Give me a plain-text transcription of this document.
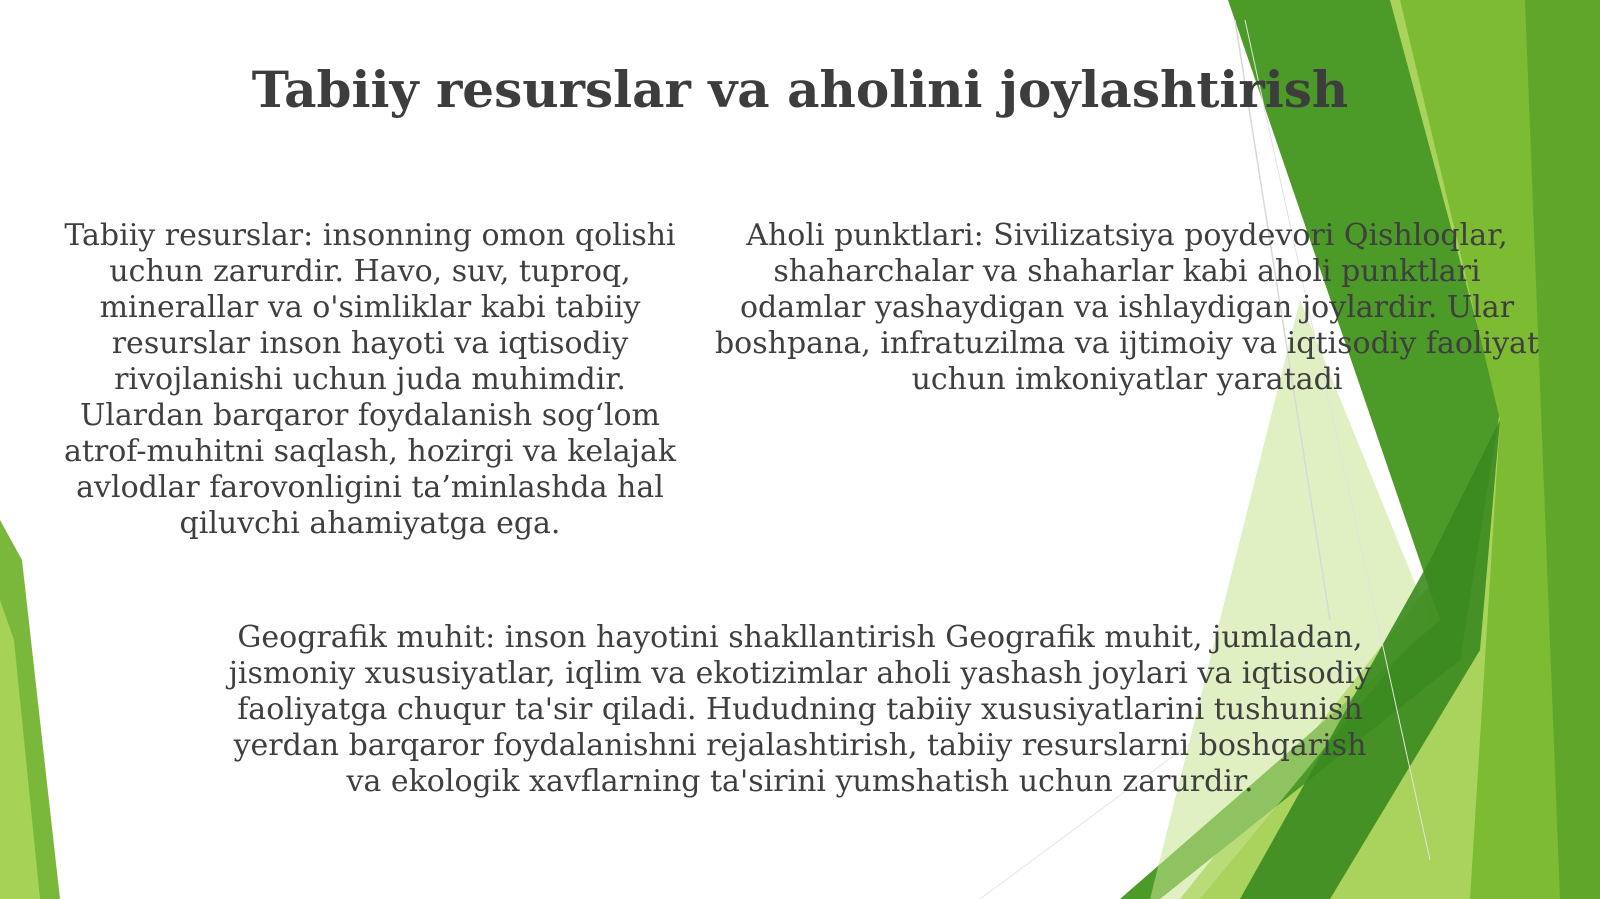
Tabiiy resurslar va aholini joylashtirish

Tabiiy resurslar: insonning omon qolishi uchun zarurdir. Havo, suv, tuproq, minerallar va o'simliklar kabi tabiiy resurslar inson hayoti va iqtisodiy rivojlanishi uchun juda muhimdir. Ulardan barqaror foydalanish sog‘lom atrof-muhitni saqlash, hozirgi va kelajak avlodlar farovonligini ta’minlashda hal qiluvchi ahamiyatga ega.

Aholi punktlari: Sivilizatsiya poydevori Qishloqlar, shaharchalar va shaharlar kabi aholi punktlari odamlar yashaydigan va ishlaydigan joylardir. Ular boshpana, infratuzilma va ijtimoiy va iqtisodiy faoliyat uchun imkoniyatlar yaratadi

Geografik muhit: inson hayotini shakllantirish Geografik muhit, jumladan, jismoniy xususiyatlar, iqlim va ekotizimlar aholi yashash joylari va iqtisodiy faoliyatga chuqur ta'sir qiladi. Hududning tabiiy xususiyatlarini tushunish yerdan barqaror foydalanishni rejalashtirish, tabiiy resurslarni boshqarish va ekologik xavflarning ta'sirini yumshatish uchun zarurdir.
